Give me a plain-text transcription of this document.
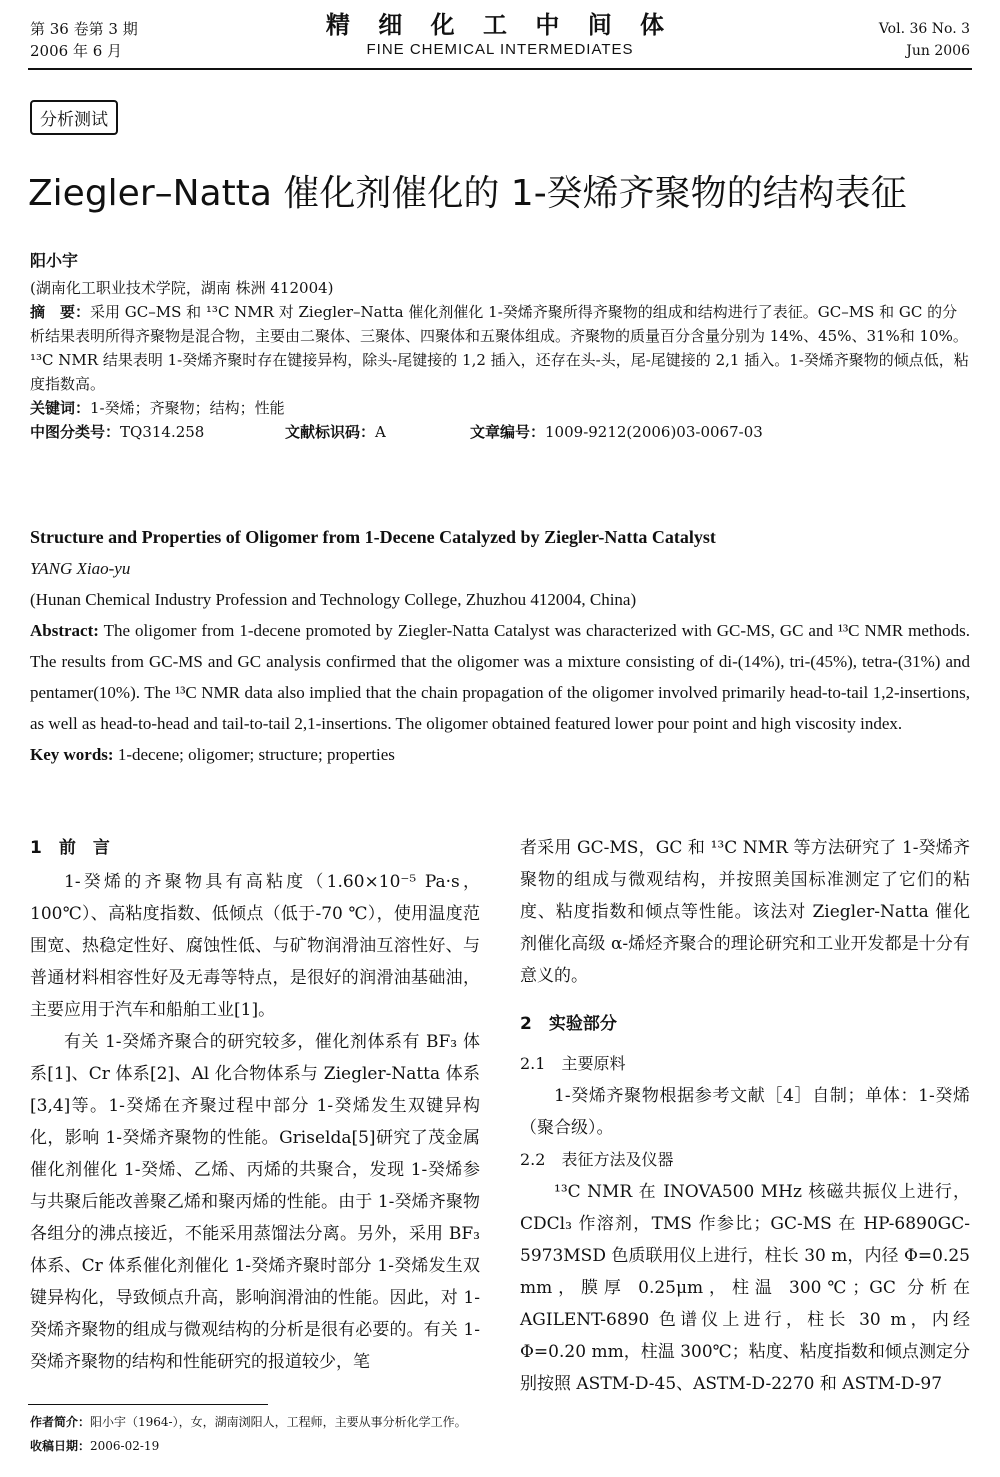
第 36 卷第 3 期
2006 年 6 月
精 细 化 工 中 间 体
FINE CHEMICAL INTERMEDIATES
Vol. 36 No. 3
Jun 2006
分析测试
Ziegler–Natta 催化剂催化的 1-癸烯齐聚物的结构表征
阳小宇

(湖南化工职业技术学院，湖南 株洲 412004)

摘　要：采用 GC–MS 和 ¹³C NMR 对 Ziegler–Natta 催化剂催化 1-癸烯齐聚所得齐聚物的组成和结构进行了表征。GC–MS 和 GC 的分析结果表明所得齐聚物是混合物，主要由二聚体、三聚体、四聚体和五聚体组成。齐聚物的质量百分含量分别为 14%、45%、31%和 10%。¹³C NMR 结果表明 1-癸烯齐聚时存在键接异构，除头-尾键接的 1,2 插入，还存在头-头，尾-尾键接的 2,1 插入。1-癸烯齐聚物的倾点低，粘度指数高。

关键词：1-癸烯；齐聚物；结构；性能

中图分类号：TQ314.258	文献标识码：A	文章编号：1009-9212(2006)03-0067-03

Structure and Properties of Oligomer from 1-Decene Catalyzed by Ziegler-Natta Catalyst

YANG Xiao-yu

(Hunan Chemical Industry Profession and Technology College, Zhuzhou 412004, China)

Abstract: The oligomer from 1-decene promoted by Ziegler-Natta Catalyst was characterized with GC-MS, GC and ¹³C NMR methods. The results from GC-MS and GC analysis confirmed that the oligomer was a mixture consisting of di-(14%), tri-(45%), tetra-(31%) and pentamer(10%). The ¹³C NMR data also implied that the chain propagation of the oligomer involved primarily head-to-tail 1,2-insertions, as well as head-to-head and tail-to-tail 2,1-insertions. The oligomer obtained featured lower pour point and high viscosity index.

Key words: 1-decene; oligomer; structure; properties

1　前　言

1-癸烯的齐聚物具有高粘度（1.60×10⁻⁵ Pa·s，100℃）、高粘度指数、低倾点（低于-70 ℃），使用温度范围宽、热稳定性好、腐蚀性低、与矿物润滑油互溶性好、与普通材料相容性好及无毒等特点，是很好的润滑油基础油，主要应用于汽车和船舶工业[1]。

有关 1-癸烯齐聚合的研究较多，催化剂体系有 BF₃ 体系[1]、Cr 体系[2]、Al 化合物体系与 Ziegler-Natta 体系[3,4]等。1-癸烯在齐聚过程中部分 1-癸烯发生双键异构化，影响 1-癸烯齐聚物的性能。Griselda[5]研究了茂金属催化剂催化 1-癸烯、乙烯、丙烯的共聚合，发现 1-癸烯参与共聚后能改善聚乙烯和聚丙烯的性能。由于 1-癸烯齐聚物各组分的沸点接近，不能采用蒸馏法分离。另外，采用 BF₃ 体系、Cr 体系催化剂催化 1-癸烯齐聚时部分 1-癸烯发生双键异构化，导致倾点升高，影响润滑油的性能。因此，对 1-癸烯齐聚物的组成与微观结构的分析是很有必要的。有关 1-癸烯齐聚物的结构和性能研究的报道较少，笔

者采用 GC-MS，GC 和 ¹³C NMR 等方法研究了 1-癸烯齐聚物的组成与微观结构，并按照美国标准测定了它们的粘度、粘度指数和倾点等性能。该法对 Ziegler-Natta 催化剂催化高级 α-烯烃齐聚合的理论研究和工业开发都是十分有意义的。

2　实验部分

2.1　主要原料

1-癸烯齐聚物根据参考文献［4］自制；单体：1-癸烯（聚合级）。

2.2　表征方法及仪器

¹³C NMR 在 INOVA500 MHz 核磁共振仪上进行，CDCl₃ 作溶剂，TMS 作参比；GC-MS 在 HP-6890GC-5973MSD 色质联用仪上进行，柱长 30 m，内径 Φ=0.25 mm，膜厚 0.25μm，柱温 300℃；GC 分析在 AGILENT-6890 色谱仪上进行，柱长 30 m，内经 Φ=0.20 mm，柱温 300℃；粘度、粘度指数和倾点测定分别按照 ASTM-D-45、ASTM-D-2270 和 ASTM-D-97

作者简介：阳小宇（1964-），女，湖南浏阳人，工程师，主要从事分析化学工作。
收稿日期：2006-02-19
